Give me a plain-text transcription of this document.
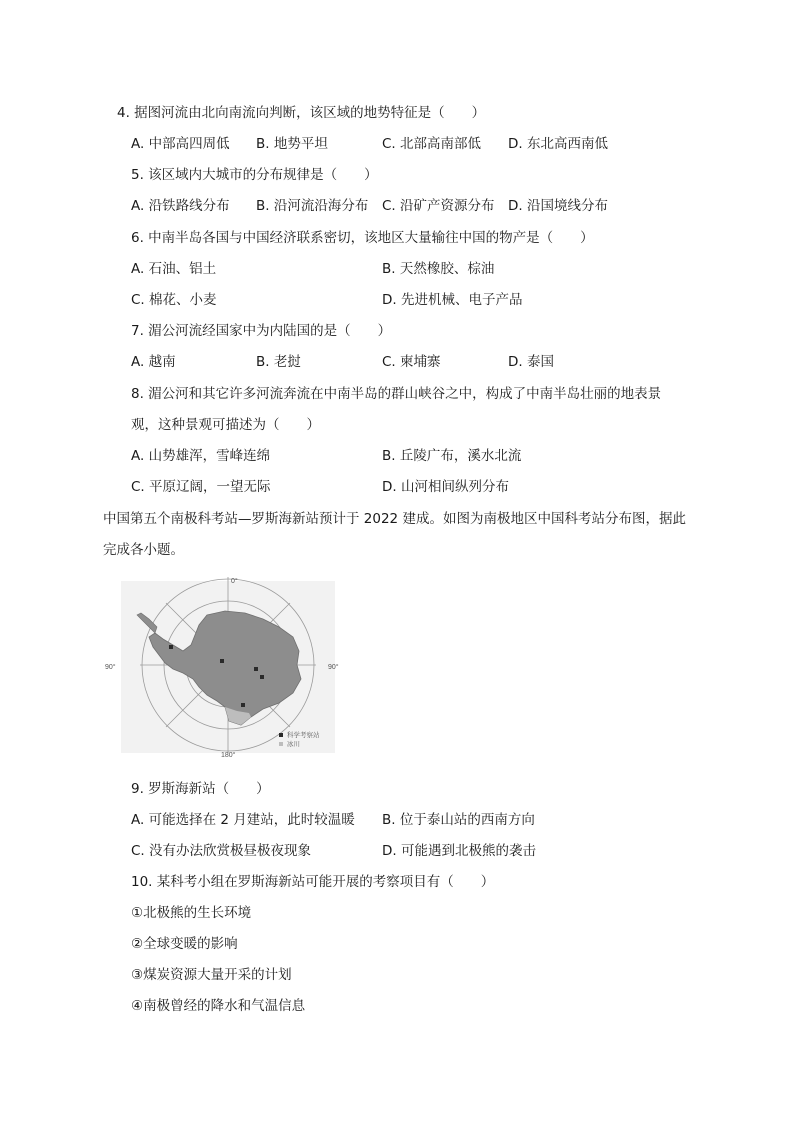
4. 据图河流由北向南流向判断，该区域的地势特征是（　　）
A. 中部高四周低 B. 地势平坦	C. 北部高南部低 D. 东北高西南低
5. 该区域内大城市的分布规律是（　　）
A. 沿铁路线分布 B. 沿河流沿海分布 C. 沿矿产资源分布 D. 沿国境线分布
6. 中南半岛各国与中国经济联系密切，该地区大量输往中国的物产是（　　）
A. 石油、铝土	B. 天然橡胶、棕油
C. 棉花、小麦	D. 先进机械、电子产品
7. 湄公河流经国家中为内陆国的是（　　）
A. 越南	B. 老挝	C. 柬埔寨	D. 泰国
8. 湄公河和其它许多河流奔流在中南半岛的群山峡谷之中，构成了中南半岛壮丽的地表景
观，这种景观可描述为（　　）
A. 山势雄浑，雪峰连绵	B. 丘陵广布，溪水北流
C. 平原辽阔，一望无际	D. 山河相间纵列分布
中国第五个南极科考站—罗斯海新站预计于 2022 建成。如图为南极地区中国科考站分布图，据此
完成各小题。
0°
90°	90°
180°
科学考察站
冰川
9. 罗斯海新站（　　）
A. 可能选择在 2 月建站，此时较温暖 B. 位于泰山站的西南方向
C. 没有办法欣赏极昼极夜现象	D. 可能遇到北极熊的袭击
10. 某科考小组在罗斯海新站可能开展的考察项目有（　　）
①北极熊的生长环境
②全球变暖的影响
③煤炭资源大量开采的计划
④南极曾经的降水和气温信息
